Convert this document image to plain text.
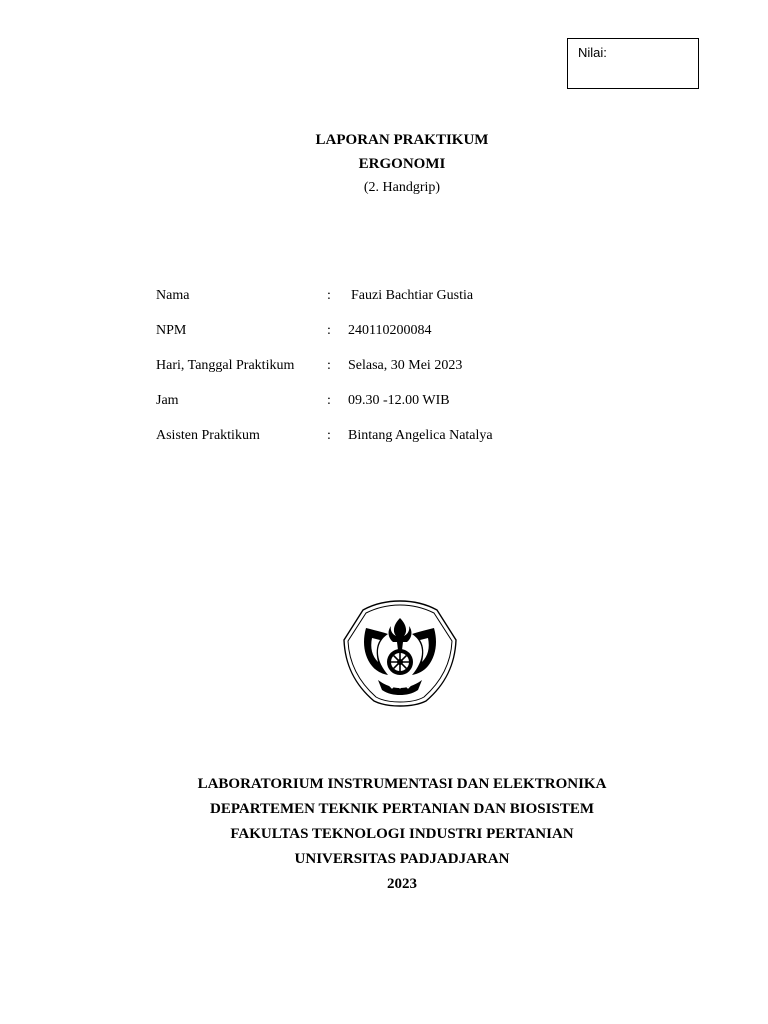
Nilai:
LAPORAN PRAKTIKUM
ERGONOMI
(2. Handgrip)
Nama	: Fauzi Bachtiar Gustia
NPM	: 240110200084
Hari, Tanggal Praktikum : Selasa, 30 Mei 2023
Jam	: 09.30 -12.00 WIB
Asisten Praktikum	: Bintang Angelica Natalya
LABORATORIUM INSTRUMENTASI DAN ELEKTRONIKA
DEPARTEMEN TEKNIK PERTANIAN DAN BIOSISTEM
FAKULTAS TEKNOLOGI INDUSTRI PERTANIAN
UNIVERSITAS PADJADJARAN
2023
